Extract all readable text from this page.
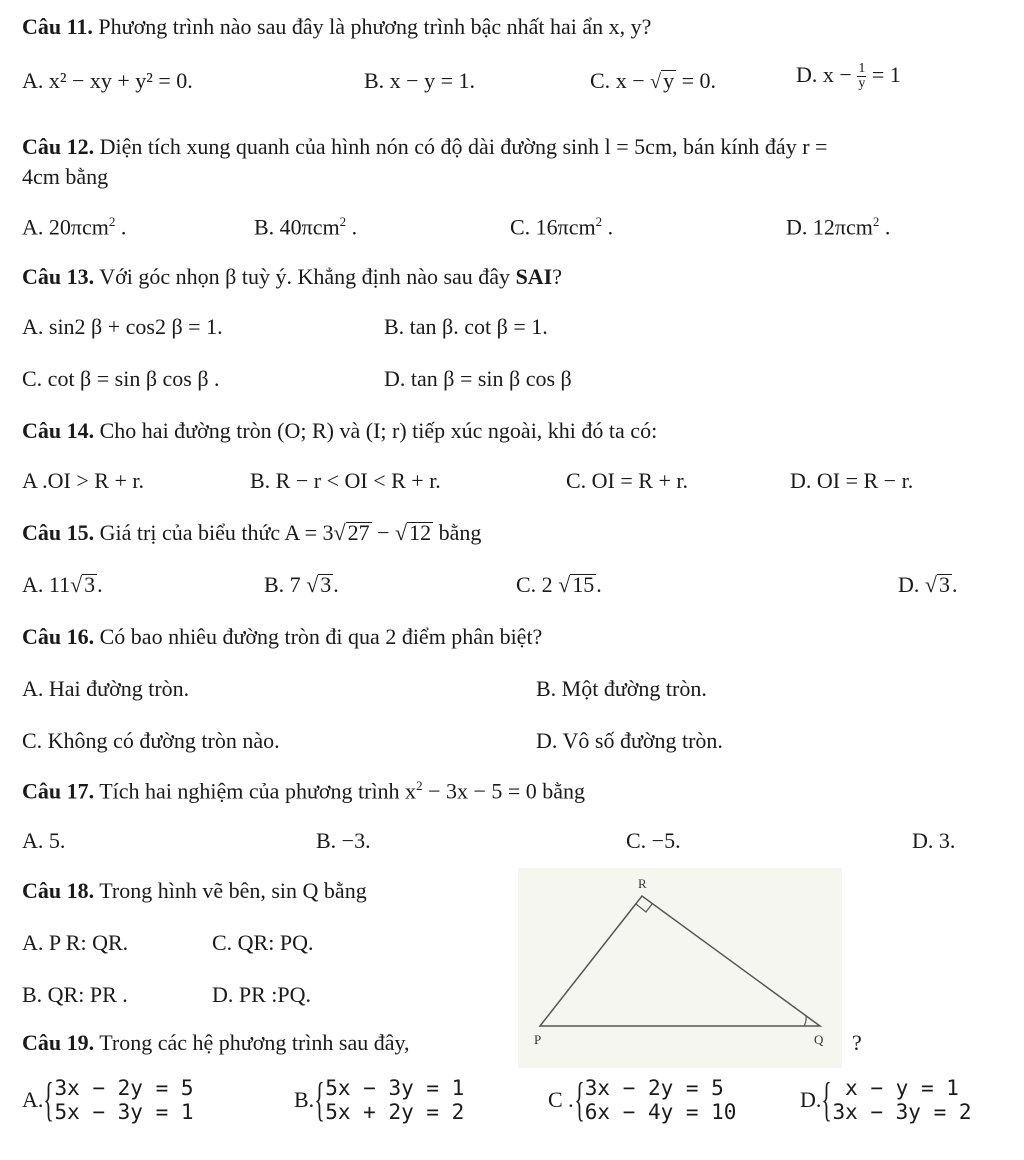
Câu 11. Phương trình nào sau đây là phương trình bậc nhất hai ẩn x, y?
A. x² − xy + y² = 0.	B. x − y = 1.	C. x − √y = 0.	D. $x - \frac{1}{y} = 1$
Câu 12. Diện tích xung quanh của hình nón có độ dài đường sinh l = 5cm, bán kính đáy r =
4cm bằng
A. 20πcm$^2$ .	B. 40πcm$^2$ .	C. 16πcm$^2$ .	D. 12πcm$^2$ .
Câu 13. Với góc nhọn β tuỳ ý. Khẳng định nào sau đây SAI?
A. sin2 β + cos2 β = 1.	B. tan β. cot β = 1.
C. cot β = sin β cos β .	D. tan β = sin β cos β
Câu 14. Cho hai đường tròn (O; R) và (I; r) tiếp xúc ngoài, khi đó ta có:
A .OI > R + r.	B. R − r < OI < R + r.	C. OI = R + r.	D. OI = R − r.
Câu 15. Giá trị của biểu thức A = 3√27 − √12 bằng
A. 11√3.	B. 7 √3.	C. 2 √15.	D. √3.
Câu 16. Có bao nhiêu đường tròn đi qua 2 điểm phân biệt?
A. Hai đường tròn.	B. Một đường tròn.
C. Không có đường tròn nào.	D. Vô số đường tròn.
Câu 17. Tích hai nghiệm của phương trình $x^2 - 3x - 5 = 0$ bằng
A. 5.	B. −3.	C. −5.	D. 3.
Câu 18. Trong hình vẽ bên, sin Q bằng
A. P R: QR.	C. QR: PQ.
B. QR: PR .	D. PR :PQ.
R
P	Q
Câu 19. Trong các hệ phương trình sau đây,	?
A. { 3x − 2y = 5
5x − 3y = 1	B. { 5x − 3y = 1
5x + 2y = 2	C . { 3x − 2y = 5
6x − 4y = 10	D. { x − y = 1
3x − 3y = 2
